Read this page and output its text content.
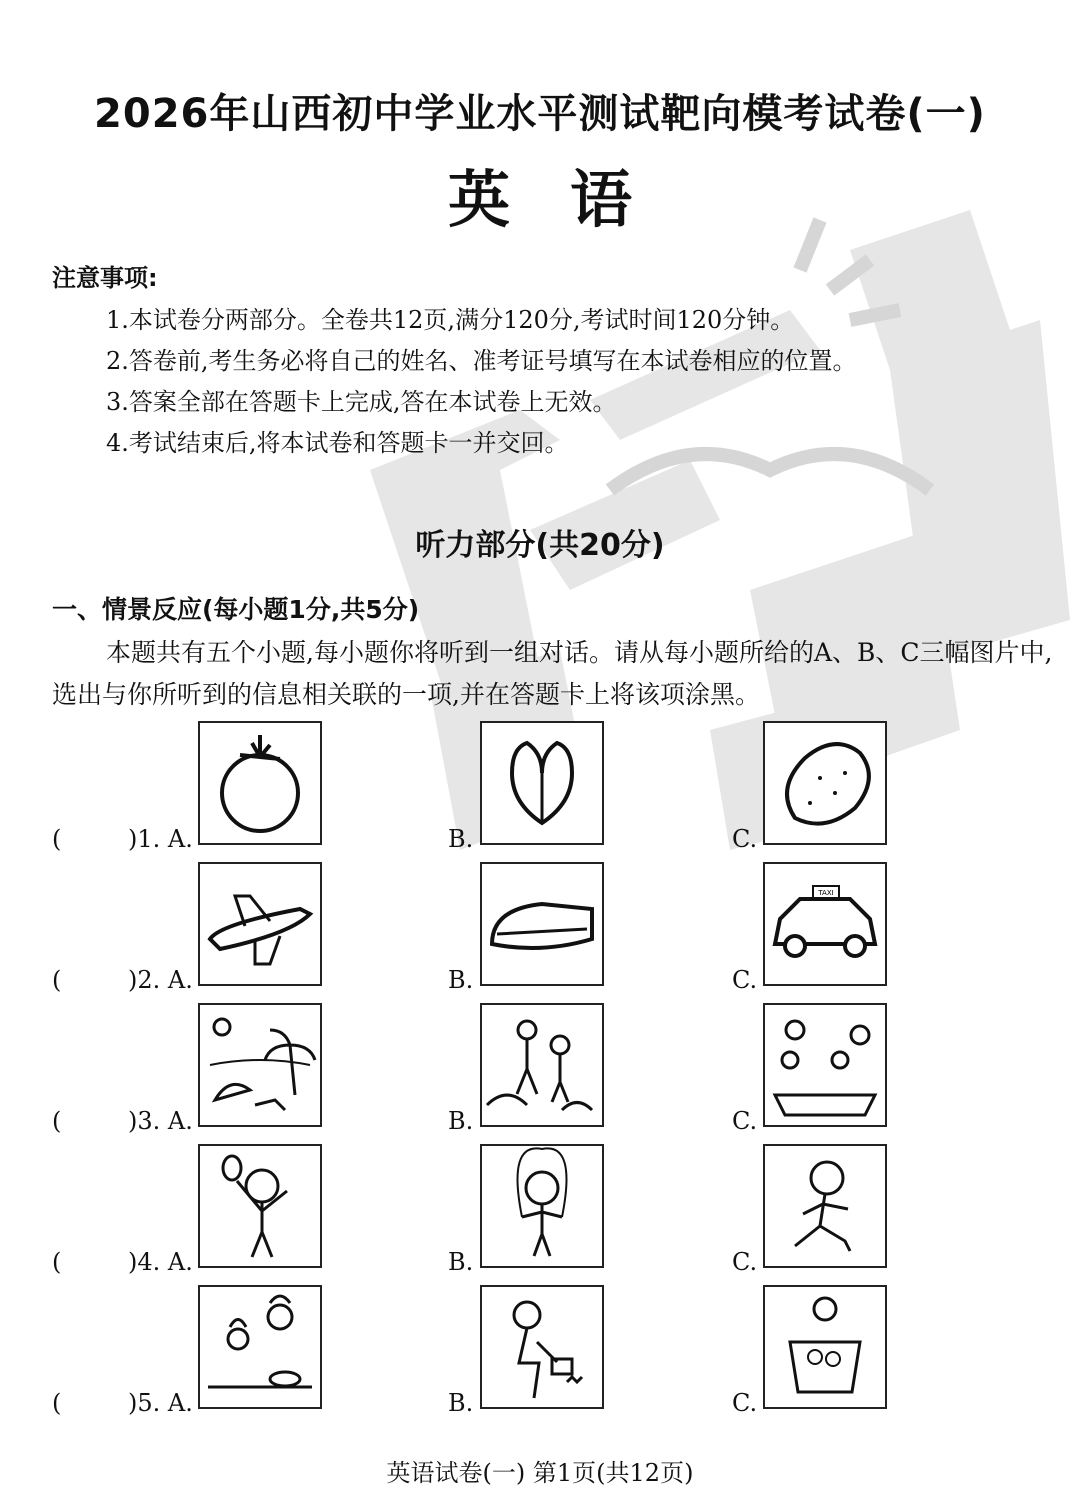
2026年山西初中学业水平测试靶向模考试卷(一)
英语
注意事项:
1.本试卷分两部分。全卷共12页,满分120分,考试时间120分钟。
2.答卷前,考生务必将自己的姓名、准考证号填写在本试卷相应的位置。
3.答案全部在答题卡上完成,答在本试卷上无效。
4.考试结束后,将本试卷和答题卡一并交回。
听力部分(共20分)
一、情景反应(每小题1分,共5分)
本题共有五个小题,每小题你将听到一组对话。请从每小题所给的A、B、C三幅图片中,选出与你所听到的信息相关联的一项,并在答题卡上将该项涂黑。
(	)1. A.	B.	C.
(	)2. A.	B.	C.
TAXI
(	)3. A.	B.	C.
(	)4. A.	B.	C.
(	)5. A.	B.	C.
英语试卷(一) 第1页(共12页)
